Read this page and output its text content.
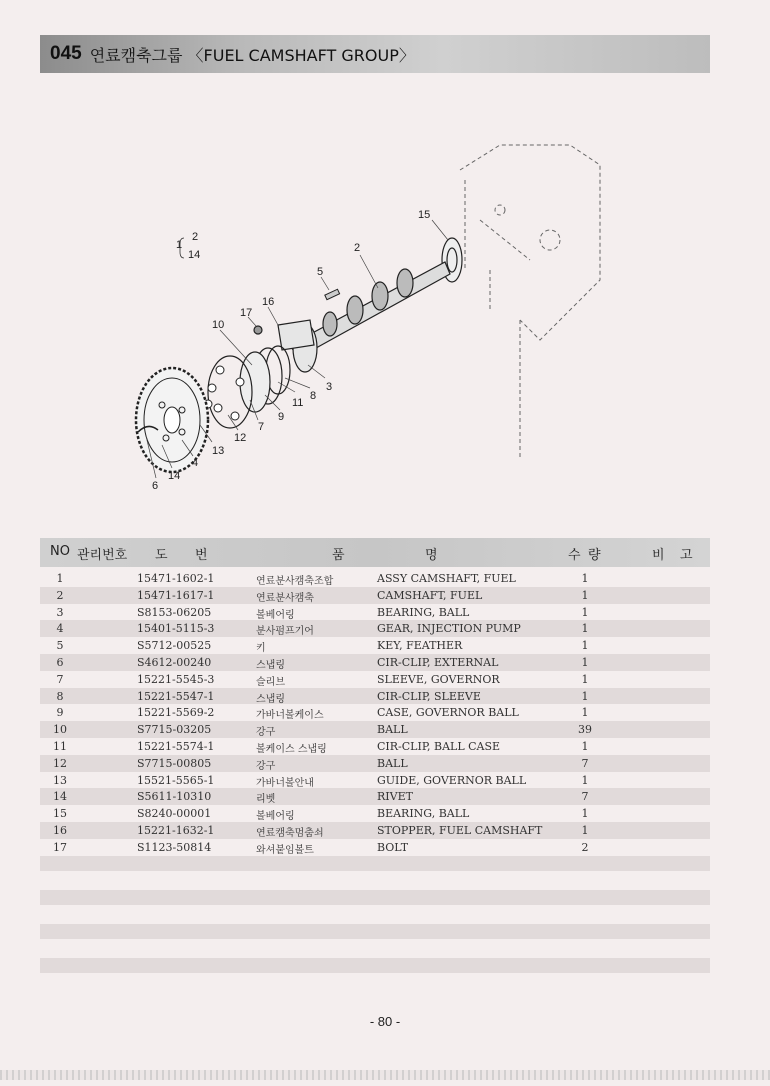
045 연료캠축그룹 〈FUEL CAMSHAFT GROUP〉
15
2
1
2
14
5
16
17
10
3
8
11
9
7
12
13
4
14
6
NO 관리번호 도 번	품	명	수 량	비 고
1	15471-1602-1	연료분사캠축조합	ASSY CAMSHAFT, FUEL	1
2	15471-1617-1	연료분사캠축	CAMSHAFT, FUEL	1
3	S8153-06205	볼베어링	BEARING, BALL	1
4	15401-5115-3	분사펌프기어	GEAR, INJECTION PUMP	1
5	S5712-00525	키	KEY, FEATHER	1
6	S4612-00240	스냅링	CIR-CLIP, EXTERNAL	1
7	15221-5545-3	슬리브	SLEEVE, GOVERNOR	1
8	15221-5547-1	스냅링	CIR-CLIP, SLEEVE	1
9	15221-5569-2	가바너볼케이스	CASE, GOVERNOR BALL	1
10	S7715-03205	강구	BALL	39
11	15221-5574-1	볼케이스 스냅링	CIR-CLIP, BALL CASE	1
12	S7715-00805	강구	BALL	7
13	15521-5565-1	가바너볼안내	GUIDE, GOVERNOR BALL	1
14	S5611-10310	리벳	RIVET	7
15	S8240-00001	볼베어링	BEARING, BALL	1
16	15221-1632-1	연료캠축멈춤쇠	STOPPER, FUEL CAMSHAFT	1
17	S1123-50814	와셔붙임볼트	BOLT	2
- 80 -
